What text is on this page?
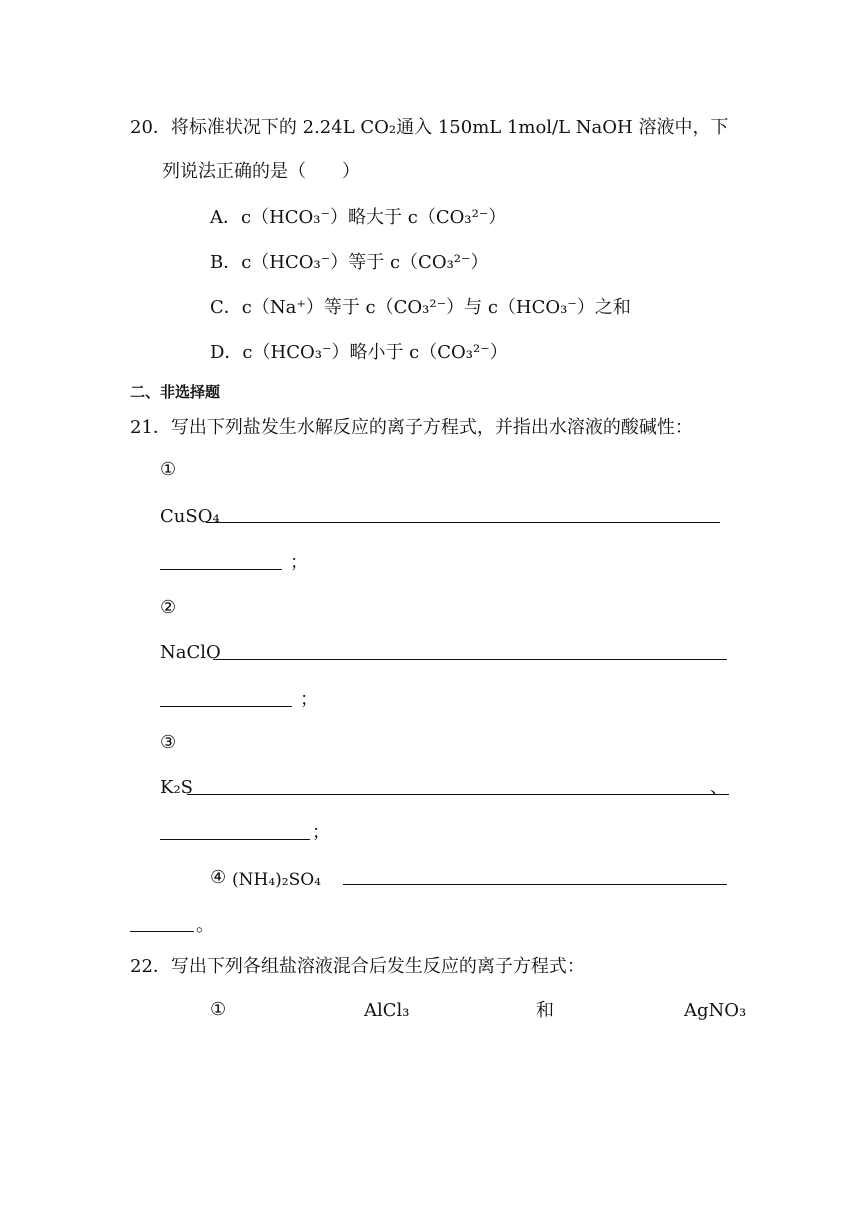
20．将标准状况下的 2.24L CO₂通入 150mL 1mol/L NaOH 溶液中，下
列说法正确的是（　　）
A．c（HCO₃⁻）略大于 c（CO₃²⁻）
B．c（HCO₃⁻）等于 c（CO₃²⁻）
C．c（Na⁺）等于 c（CO₃²⁻）与 c（HCO₃⁻）之和
D．c（HCO₃⁻）略小于 c（CO₃²⁻）
二、非选择题
21．写出下列盐发生水解反应的离子方程式，并指出水溶液的酸碱性：
①
CuSO₄
；
②
NaClO
；
③
K₂S	、
；
④ (NH₄)₂SO₄
。
22．写出下列各组盐溶液混合后发生反应的离子方程式：
①	AlCl₃	和	AgNO₃
